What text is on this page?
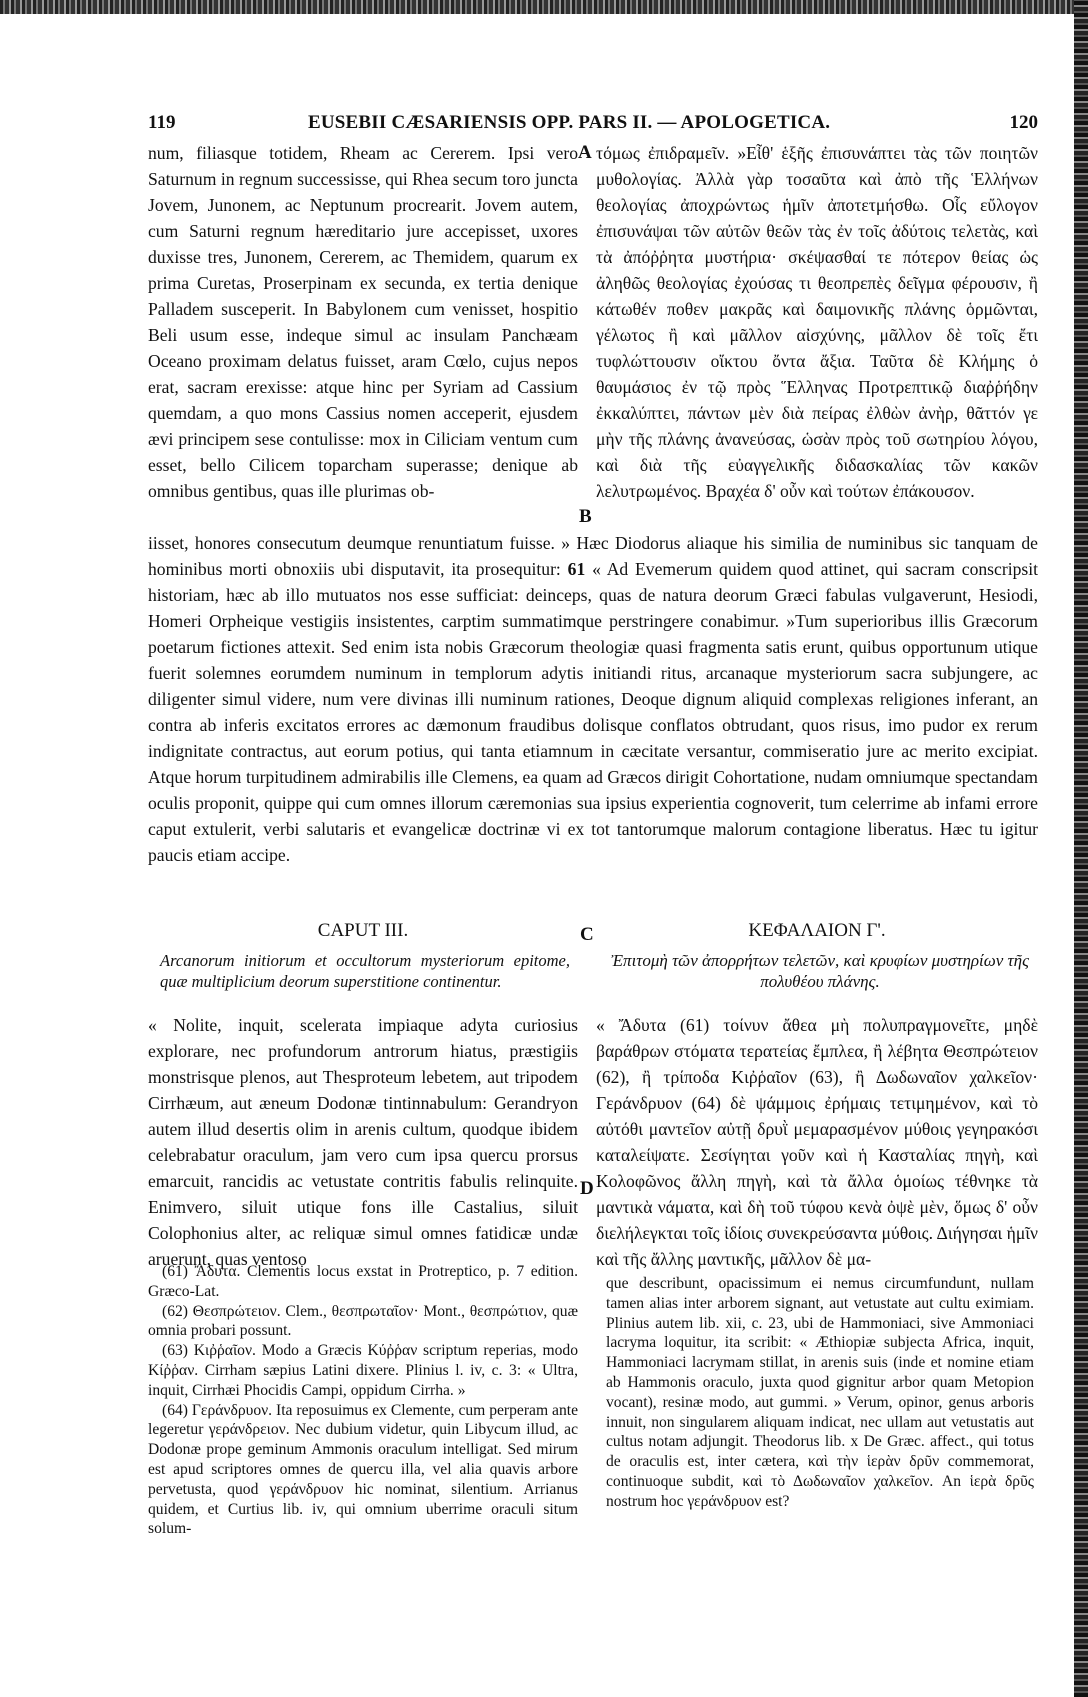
119	EUSEBII CÆSARIENSIS OPP. PARS II. — APOLOGETICA.	120
A
B
C
D

num, filiasque totidem, Rheam ac Cererem. Ipsi vero Saturnum in regnum successisse, qui Rhea secum toro juncta Jovem, Junonem, ac Neptunum procrearit. Jovem autem, cum Saturni regnum hæreditario jure accepisset, uxores duxisse tres, Junonem, Cererem, ac Themidem, quarum ex prima Curetas, Proserpinam ex secunda, ex tertia denique Palladem susceperit. In Babylonem cum venisset, hospitio Beli usum esse, indeque simul ac insulam Panchæam Oceano proximam delatus fuisset, aram Cœlo, cujus nepos erat, sacram erexisse: atque hinc per Syriam ad Cassium quemdam, a quo mons Cassius nomen acceperit, ejusdem ævi principem sese contulisse: mox in Ciliciam ventum cum esset, bello Cilicem toparcham superasse; denique ab omnibus gentibus, quas ille plurimas ob-

τόμως ἐπιδραμεῖν. »Εἶθ' ἑξῆς ἐπισυνάπτει τὰς τῶν ποιητῶν μυθολογίας. Ἀλλὰ γὰρ τοσαῦτα καὶ ἀπὸ τῆς Ἑλλήνων θεολογίας ἀποχρώντως ἡμῖν ἀποτετμήσθω. Οἷς εὔλογον ἐπισυνάψαι τῶν αὐτῶν θεῶν τὰς ἐν τοῖς ἀδύτοις τελετὰς, καὶ τὰ ἀπόῤῥητα μυστήρια· σκέψασθαί τε πότερον θείας ὡς ἀληθῶς θεολογίας ἐχούσας τι θεοπρεπὲς δεῖγμα φέρουσιν, ἢ κάτωθέν ποθεν μακρᾶς καὶ δαιμονικῆς πλάνης ὁρμῶνται, γέλωτος ἢ καὶ μᾶλλον αἰσχύνης, μᾶλλον δὲ τοῖς ἔτι τυφλώττουσιν οἴκτου ὄντα ἄξια. Ταῦτα δὲ Κλήμης ὁ θαυμάσιος ἐν τῷ πρὸς Ἕλληνας Προτρεπτικῷ διαῤῥήδην ἐκκαλύπτει, πάντων μὲν διὰ πείρας ἐλθὼν ἀνὴρ, θᾶττόν γε μὴν τῆς πλάνης ἀνανεύσας, ὡσὰν πρὸς τοῦ σωτηρίου λόγου, καὶ διὰ τῆς εὐαγγελικῆς διδασκαλίας τῶν κακῶν λελυτρωμένος. Βραχέα δ' οὖν καὶ τούτων ἐπάκουσον.

iisset, honores consecutum deumque renuntiatum fuisse. » Hæc Diodorus aliaque his similia de numinibus sic tanquam de hominibus morti obnoxiis ubi disputavit, ita prosequitur: 61 « Ad Evemerum quidem quod attinet, qui sacram conscripsit historiam, hæc ab illo mutuatos nos esse sufficiat: deinceps, quas de natura deorum Græci fabulas vulgaverunt, Hesiodi, Homeri Orpheique vestigiis insistentes, carptim summatimque perstringere conabimur. »Tum superioribus illis Græcorum poetarum fictiones attexit. Sed enim ista nobis Græcorum theologiæ quasi fragmenta satis erunt, quibus opportunum utique fuerit solemnes eorumdem numinum in templorum adytis initiandi ritus, arcanaque mysteriorum sacra subjungere, ac diligenter simul videre, num vere divinas illi numinum rationes, Deoque dignum aliquid complexas religiones inferant, an contra ab inferis excitatos errores ac dæmonum fraudibus dolisque conflatos obtrudant, quos risus, imo pudor ex rerum indignitate contractus, aut eorum potius, qui tanta etiamnum in cæcitate versantur, commiseratio jure ac merito excipiat. Atque horum turpitudinem admirabilis ille Clemens, ea quam ad Græcos dirigit Cohortatione, nudam omniumque spectandam oculis proponit, quippe qui cum omnes illorum cæremonias sua ipsius experientia cognoverit, tum celerrime ab infami errore caput extulerit, verbi salutaris et evangelicæ doctrinæ vi ex tot tantorumque malorum contagione liberatus. Hæc tu igitur paucis etiam accipe.

CAPUT III.	ΚΕΦΑΛΑΙΟΝ Γ'.
Arcanorum initiorum et occultorum mysteriorum epitome, quæ multiplicium deorum superstitione continentur.
Ἐπιτομὴ τῶν ἀπορρήτων τελετῶν, καὶ κρυφίων μυστηρίων τῆς πολυθέου πλάνης.

« Nolite, inquit, scelerata impiaque adyta curiosius explorare, nec profundorum antrorum hiatus, præstigiis monstrisque plenos, aut Thesproteum lebetem, aut tripodem Cirrhæum, aut æneum Dodonæ tintinnabulum: Gerandryon autem illud desertis olim in arenis cultum, quodque ibidem celebrabatur oraculum, jam vero cum ipsa quercu prorsus emarcuit, rancidis ac vetustate contritis fabulis relinquite. Enimvero, siluit utique fons ille Castalius, siluit Colophonius alter, ac reliquæ simul omnes fatidicæ undæ aruerunt, quas ventoso

« Ἄδυτα (61) τοίνυν ἄθεα μὴ πολυπραγμονεῖτε, μηδὲ βαράθρων στόματα τερατείας ἔμπλεα, ἢ λέβητα Θεσπρώτειον (62), ἢ τρίποδα Κιῤῥαῖον (63), ἢ Δωδωναῖον χαλκεῖον· Γεράνδρυον (64) δὲ ψάμμοις ἐρήμαις τετιμημένον, καὶ τὸ αὐτόθι μαντεῖον αὐτῇ δρυῒ μεμαρασμένον μύθοις γεγηρακόσι καταλείψατε. Σεσίγηται γοῦν καὶ ἡ Κασταλίας πηγὴ, καὶ Κολοφῶνος ἄλλη πηγὴ, καὶ τὰ ἄλλα ὁμοίως τέθνηκε τὰ μαντικὰ νάματα, καὶ δὴ τοῦ τύφου κενὰ ὀψὲ μὲν, ὅμως δ' οὖν διελήλεγκται τοῖς ἰδίοις συνεκρεύσαντα μύθοις. Διήγησαι ἡμῖν καὶ τῆς ἄλλης μαντικῆς, μᾶλλον δὲ μα-

(61) Ἄδυτα. Clementis locus exstat in Protreptico, p. 7 edition. Græco-Lat.

(62) Θεσπρώτειον. Clem., θεσπρωταῖον· Mont., θεσπρώτιον, quæ omnia probari possunt.

(63) Κιῤῥαῖον. Modo a Græcis Κύῤῥαν scriptum reperias, modo Κίῤῥαν. Cirrham sæpius Latini dixere. Plinius l. iv, c. 3: « Ultra, inquit, Cirrhæi Phocidis Campi, oppidum Cirrha. »

(64) Γεράνδρυον. Ita reposuimus ex Clemente, cum perperam ante legeretur γεράνδρειον. Nec dubium videtur, quin Libycum illud, ac Dodonæ prope geminum Ammonis oraculum intelligat. Sed mirum est apud scriptores omnes de quercu illa, vel alia quavis arbore pervetusta, quod γεράνδρυον hic nominat, silentium. Arrianus quidem, et Curtius lib. iv, qui omnium uberrime oraculi situm solum-

que describunt, opacissimum ei nemus circumfundunt, nullam tamen alias inter arborem signant, aut vetustate aut cultu eximiam. Plinius autem lib. xii, c. 23, ubi de Hammoniaci, sive Ammoniaci lacryma loquitur, ita scribit: « Æthiopiæ subjecta Africa, inquit, Hammoniaci lacrymam stillat, in arenis suis (inde et nomine etiam ab Hammonis oraculo, juxta quod gignitur arbor quam Metopion vocant), resinæ modo, aut gummi. » Verum, opinor, genus arboris innuit, non singularem aliquam indicat, nec ullam aut vetustatis aut cultus notam adjungit. Theodorus lib. x De Græc. affect., qui totus de oraculis est, inter cætera, καὶ τὴν ἱερὰν δρῦν commemorat, continuoque subdit, καὶ τὸ Δωδωναῖον χαλκεῖον. An ἱερὰ δρῦς nostrum hoc γεράνδρυον est?
